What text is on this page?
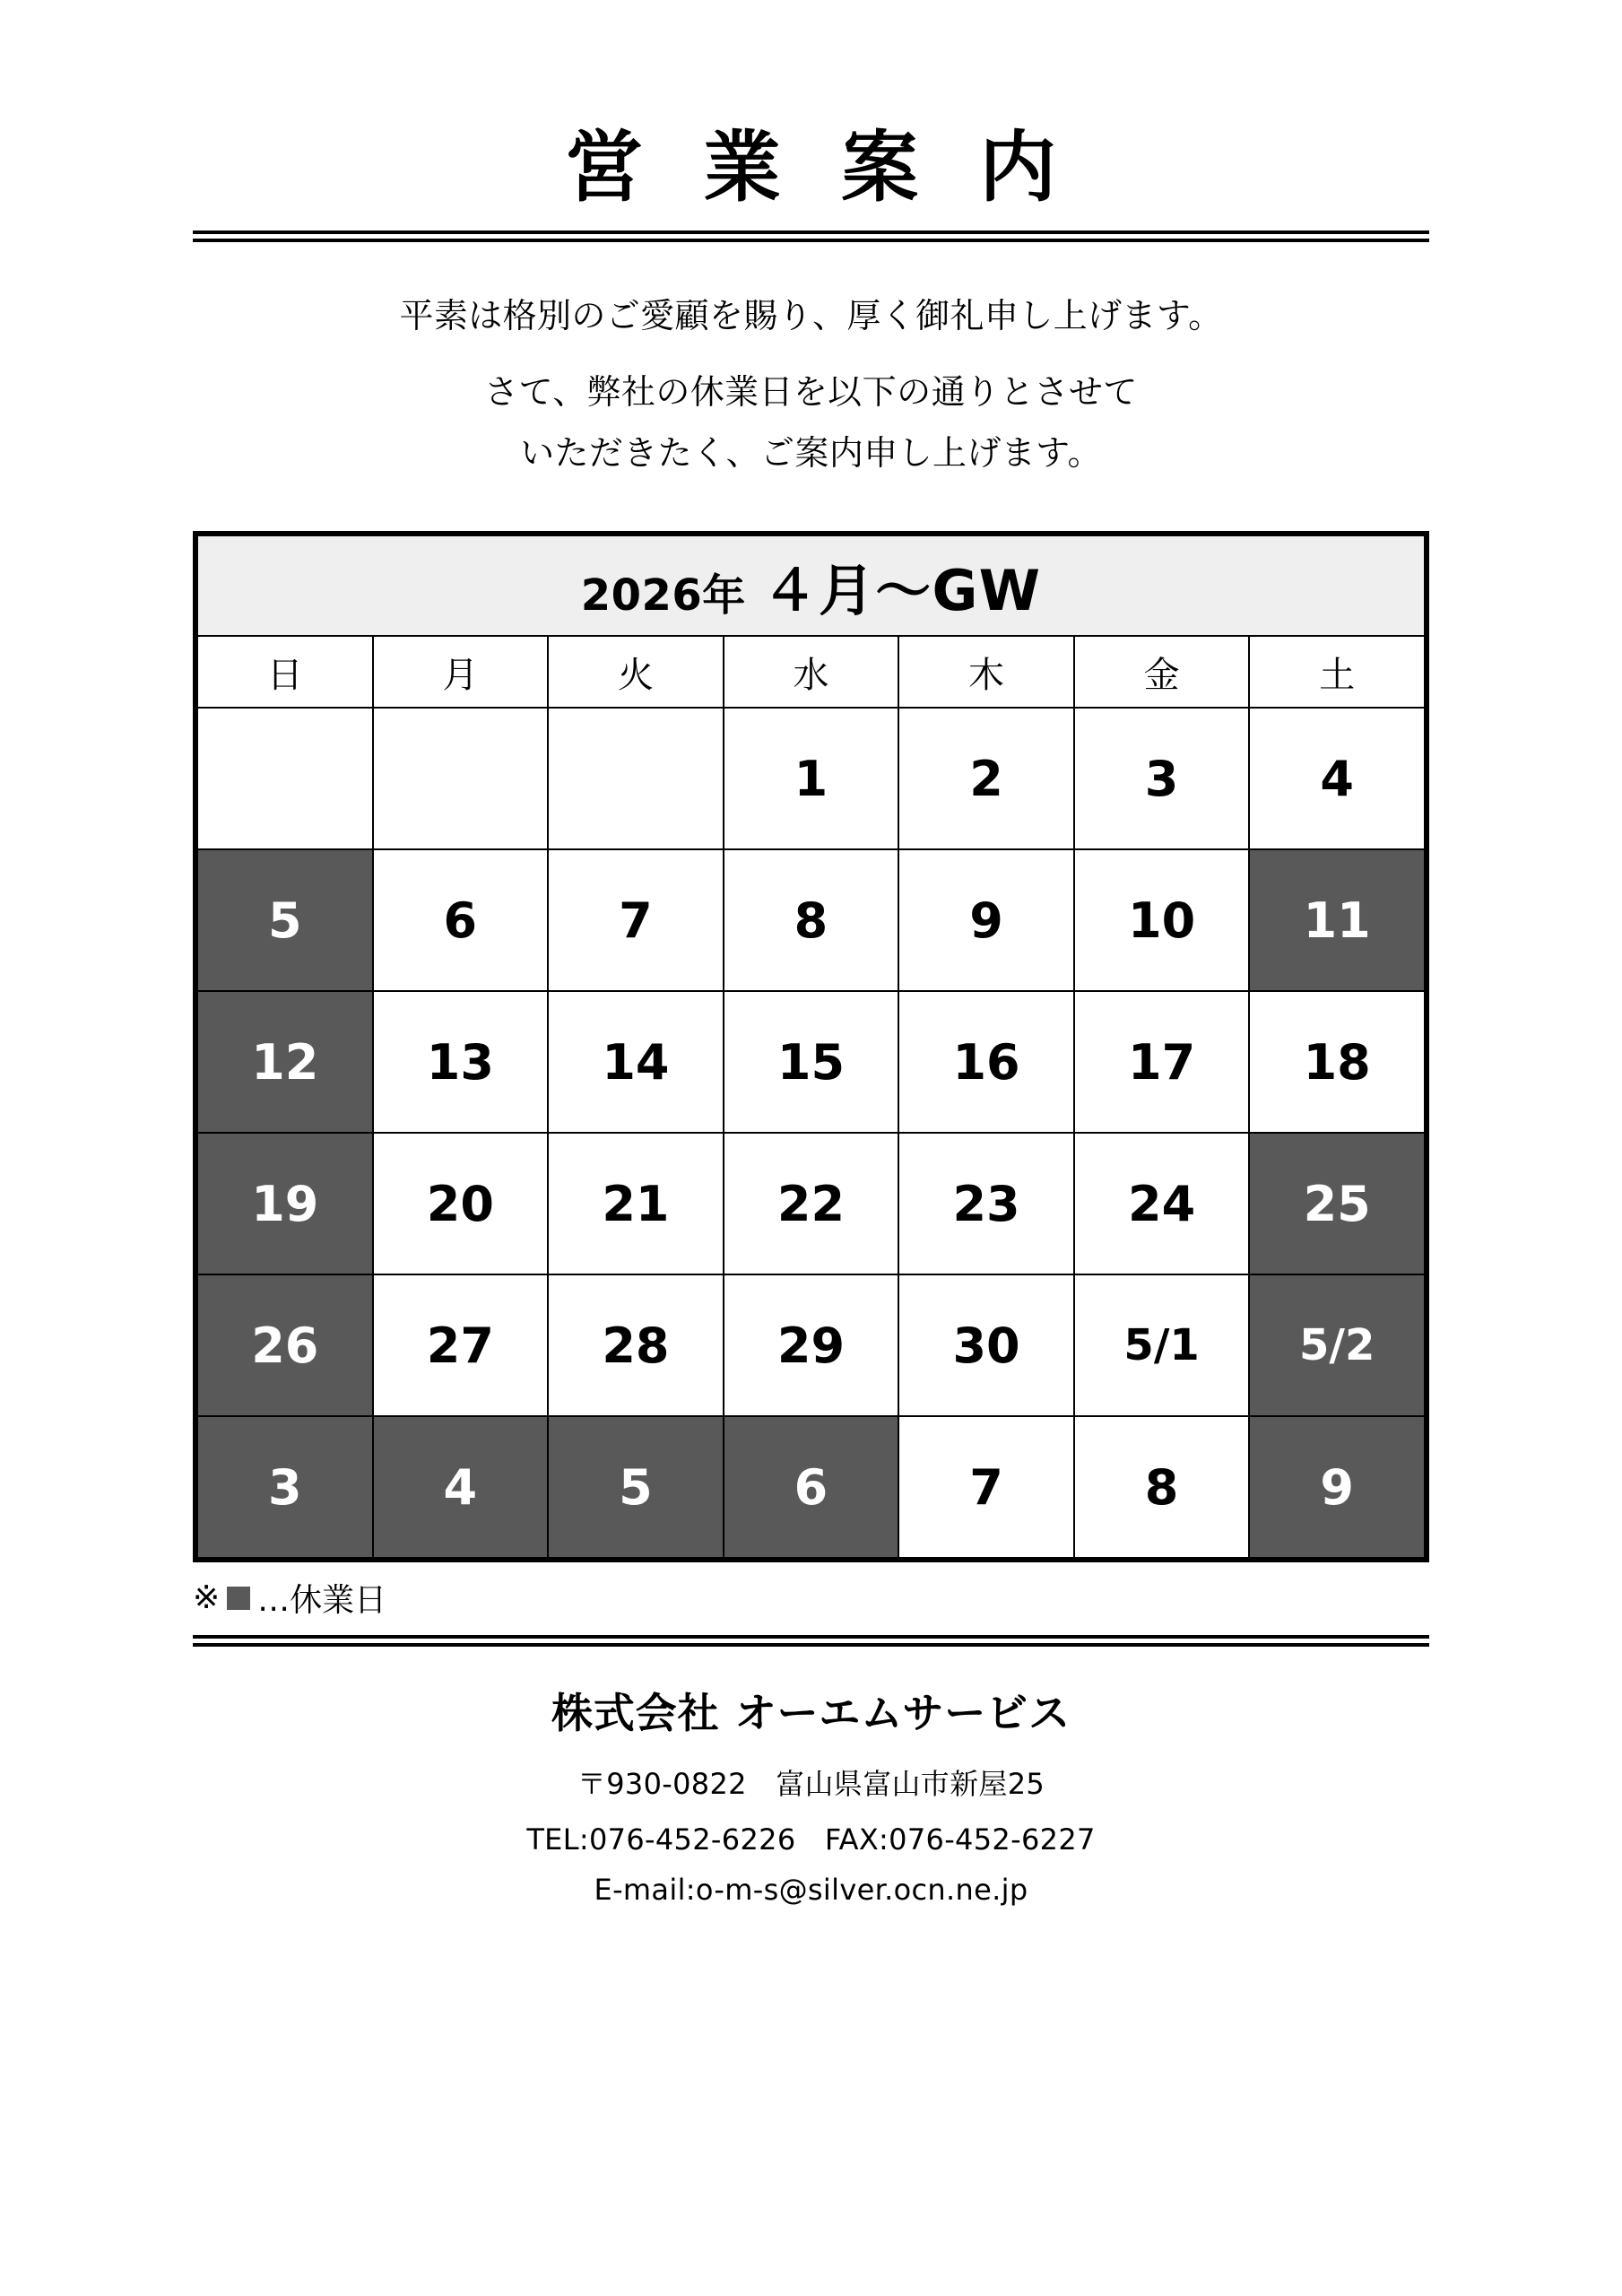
営 業 案 内

平素は格別のご愛顧を賜り、厚く御礼申し上げます。

さて、弊社の休業日を以下の通りとさせて

いただきたく、ご案内申し上げます。

2026年 ４月〜GW						

日	月	火	水	木	金	土
			1	2	3	4
5	6	7	8	9	10	11
12	13	14	15	16	17	18
19	20	21	22	23	24	25
26	27	28	29	30	5/1	5/2
3	4	5	6	7	8	9
※ …休業日

株式会社 オーエムサービス

〒930-0822　富山県富山市新屋25

TEL:076-452-6226　FAX:076-452-6227

E-mail:o-m-s@silver.ocn.ne.jp
